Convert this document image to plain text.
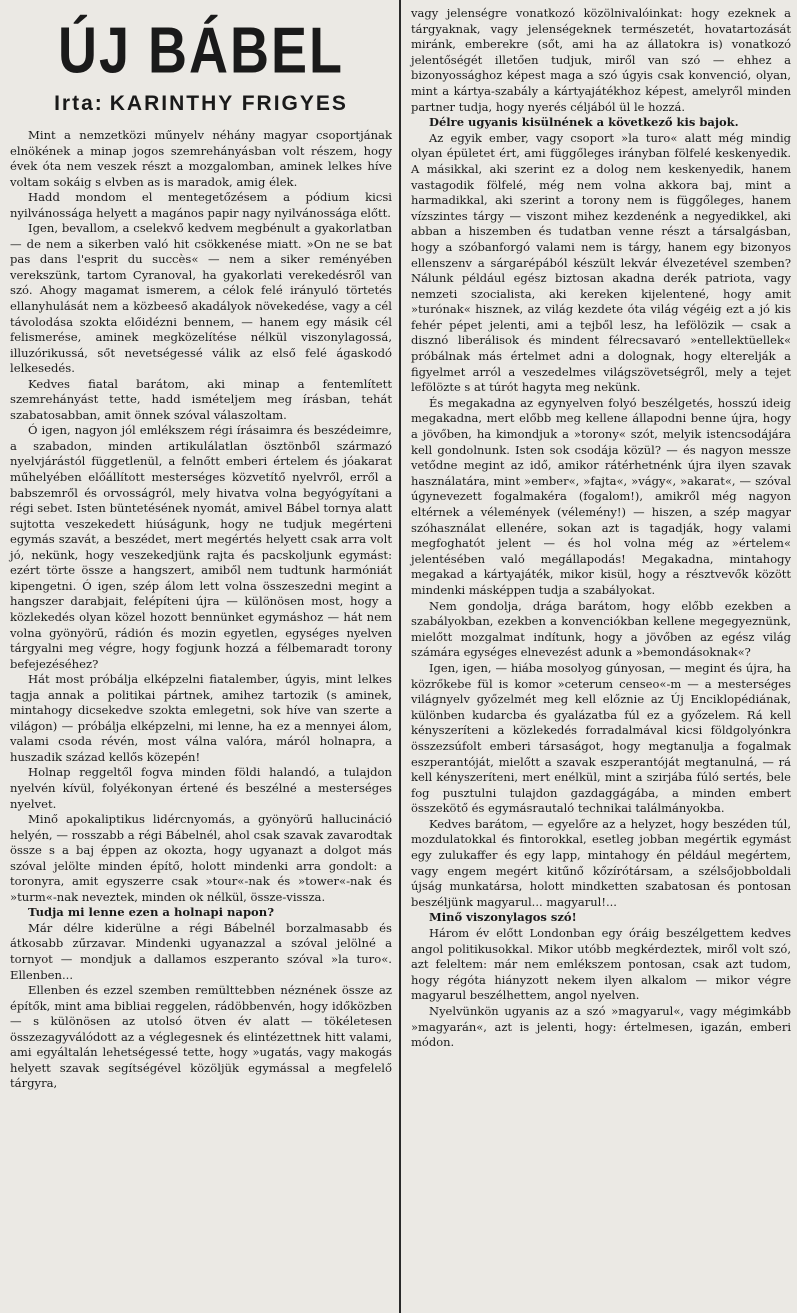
ÚJ BÁBEL
Irta: KARINTHY FRIGYES

Mint a nemzetközi műnyelv néhány magyar csoportjának elnökének a minap jogos szemrehányásban volt részem, hogy évek óta nem veszek részt a mozgalomban, aminek lelkes híve voltam sokáig s elvben as is maradok, amig élek.

Hadd mondom el mentegetőzésem a pódium kicsi nyilvánossága helyett a magános papir nagy nyilvánossága előtt.

Igen, bevallom, a cselekvő kedvem megbénult a gyakorlatban — de nem a sikerben való hit csökkenése miatt. »On ne se bat pas dans l'esprit du succès« — nem a siker reményében verekszünk, tartom Cyranoval, ha gyakorlati verekedésről van szó. Ahogy magamat ismerem, a célok felé irányuló törtetés ellanyhulását nem a közbeeső akadályok növekedése, vagy a cél távolodása szokta előidézni bennem, — hanem egy másik cél felismerése, aminek megközelítése nélkül viszonylagossá, illuzórikussá, sőt nevetségessé válik az első felé ágaskodó lelkesedés.

Kedves fiatal barátom, aki minap a fentemlített szemrehányást tette, hadd ismételjem meg írásban, tehát szabatosabban, amit önnek szóval válaszoltam.

Ó igen, nagyon jól emlékszem régi írásaimra és beszédeimre, a szabadon, minden artikulálatlan ösztönből származó nyelvjárástól függetlenül, a felnőtt emberi értelem és jóakarat műhelyében előállított mesterséges közvetítő nyelvről, erről a babszemről és orvosságról, mely hivatva volna begyógyítani a régi sebet. Isten büntetésének nyomát, amivel Bábel tornya alatt sujtotta veszekedett hiúságunk, hogy ne tudjuk megérteni egymás szavát, a beszédet, mert megértés helyett csak arra volt jó, nekünk, hogy veszekedjünk rajta és pacskoljunk egymást: ezért törte össze a hangszert, amiből nem tudtunk harmóniát kipengetni. Ó igen, szép álom lett volna összeszedni megint a hangszer darabjait, felépíteni újra — különösen most, hogy a közlekedés olyan közel hozott bennünket egymáshoz — hát nem volna gyönyörű, rádión és mozin egyetlen, egységes nyelven tárgyalni meg végre, hogy fogjunk hozzá a félbemaradt torony befejezéséhez?

Hát most próbálja elképzelni fiatalember, úgyis, mint lelkes tagja annak a politikai pártnek, amihez tartozik (s aminek, mintahogy dicsekedve szokta emlegetni, sok híve van szerte a világon) — próbálja elképzelni, mi lenne, ha ez a mennyei álom, valami csoda révén, most válna valóra, máról holnapra, a huszadik század kellős közepén!

Holnap reggeltől fogva minden földi halandó, a tulajdon nyelvén kívül, folyékonyan értené és beszélné a mesterséges nyelvet.

Minő apokaliptikus lidércnyomás, a gyönyörű hallucináció helyén, — rosszabb a régi Bábelnél, ahol csak szavak zavarodtak össze s a baj éppen az okozta, hogy ugyanazt a dolgot más szóval jelölte minden építő, holott mindenki arra gondolt: a toronyra, amit egyszerre csak »tour«-nak és »tower«-nak és »turm«-nak neveztek, minden ok nélkül, össze-vissza.

Tudja mi lenne ezen a holnapi napon?

Már délre kiderülne a régi Bábelnél borzalmasabb és átkosabb zűrzavar. Mindenki ugyanazzal a szóval jelölné a tornyot — mondjuk a dallamos eszperanto szóval »la turo«. Ellenben...

Ellenben és ezzel szemben remülttebben néznének össze az építők, mint ama bibliai reggelen, rádöbbenvén, hogy időközben — s különösen az utolsó ötven év alatt — tökéletesen összezagyválódott az a véglegesnek és elintézettnek hitt valami, ami egyáltalán lehetségessé tette, hogy »ugatás, vagy makogás helyett szavak segítségével közöljük egymással a megfelelő tárgyra,

vagy jelenségre vonatkozó közölnivalóinkat: hogy ezeknek a tárgyaknak, vagy jelenségeknek természetét, hovatartozását miránk, emberekre (sőt, ami ha az állatokra is) vonatkozó jelentőségét illetően tudjuk, miről van szó — ehhez a bizonyossághoz képest maga a szó úgyis csak konvenció, olyan, mint a kártya-szabály a kártyajátékhoz képest, amelyről minden partner tudja, hogy nyerés céljából ül le hozzá.

Délre ugyanis kisülnének a következő kis bajok.

Az egyik ember, vagy csoport »la turo« alatt még mindig olyan épületet ért, ami függőleges irányban fölfelé keskenyedik. A másikkal, aki szerint ez a dolog nem keskenyedik, hanem vastagodik fölfelé, még nem volna akkora baj, mint a harmadikkal, aki szerint a torony nem is függőleges, hanem vízszintes tárgy — viszont mihez kezdenénk a negyedikkel, aki abban a hiszemben és tudatban venne részt a társalgásban, hogy a szóbanforgó valami nem is tárgy, hanem egy bizonyos ellenszenv a sárgarépából készült lekvár élvezetével szemben? Nálunk például egész biztosan akadna derék patriota, vagy nemzeti szocialista, aki kereken kijelentené, hogy amit »turónak« hisznek, az világ kezdete óta világ végéig ezt a jó kis fehér pépet jelenti, ami a tejből lesz, ha lefölözik — csak a disznó liberálisok és mindent félrecsavaró »entellektüellek« próbálnak más értelmet adni a dolognak, hogy elterelják a figyelmet arról a veszedelmes világszövetségről, mely a tejet lefölözte s at túrót hagyta meg nekünk.

És megakadna az egynyelven folyó beszélgetés, hosszú ideig megakadna, mert előbb meg kellene állapodni benne újra, hogy a jövőben, ha kimondjuk a »torony« szót, melyik istencsodájára kell gondolnunk. Isten sok csodája közül? — és nagyon messze vetődne megint az idő, amikor rátérhetnénk újra ilyen szavak használatára, mint »ember«, »fajta«, »vágy«, »akarat«, — szóval úgynevezett fogalmakéra (fogalom!), amikről még nagyon eltérnek a vélemények (vélemény!) — hiszen, a szép magyar szóhasználat ellenére, sokan azt is tagadják, hogy valami megfoghatót jelent — és hol volna még az »értelem« jelentésében való megállapodás! Megakadna, mintahogy megakad a kártyajáték, mikor kisül, hogy a résztvevők között mindenki másképpen tudja a szabályokat.

Nem gondolja, drága barátom, hogy előbb ezekben a szabályokban, ezekben a konvenciókban kellene megegyeznünk, mielőtt mozgalmat indítunk, hogy a jövőben az egész világ számára egységes elnevezést adunk a »bemondásoknak«?

Igen, igen, — hiába mosolyog gúnyosan, — megint és újra, ha közrőkebe fül is komor »ceterum censeo«-m — a mesterséges világnyelv győzelmét meg kell előznie az Új Enciklopédiának, különben kudarcba és gyalázatba fúl ez a győzelem. Rá kell kényszeríteni a közlekedés forradalmával kicsi földgolyónkra összezsúfolt emberi társaságot, hogy megtanulja a fogalmak eszperantóját, mielőtt a szavak eszperantóját megtanulná, — rá kell kényszeríteni, mert enélkül, mint a szirjába fúló sertés, bele fog pusztulni tulajdon gazdaggágába, a minden embert összekötő és egymásrautaló technikai találmányokba.

Kedves barátom, — egyelőre az a helyzet, hogy beszéden túl, mozdulatokkal és fintorokkal, esetleg jobban megértik egymást egy zulukaffer és egy lapp, mintahogy én például megértem, vagy engem megért kitűnő kőzírótársam, a szélsőjobboldali újság munkatársa, holott mindketten szabatosan és pontosan beszéljünk magyarul... magyarul!...

Minő viszonylagos szó!

Három év előtt Londonban egy óráig beszélgettem kedves angol politikusokkal. Mikor utóbb megkérdeztek, miről volt szó, azt feleltem: már nem emlékszem pontosan, csak azt tudom, hogy régóta hiányzott nekem ilyen alkalom — mikor végre magyarul beszélhettem, angol nyelven.

Nyelvünkön ugyanis az a szó »magyarul«, vagy mégimkább »magyarán«, azt is jelenti, hogy: értelmesen, igazán, emberi módon.
